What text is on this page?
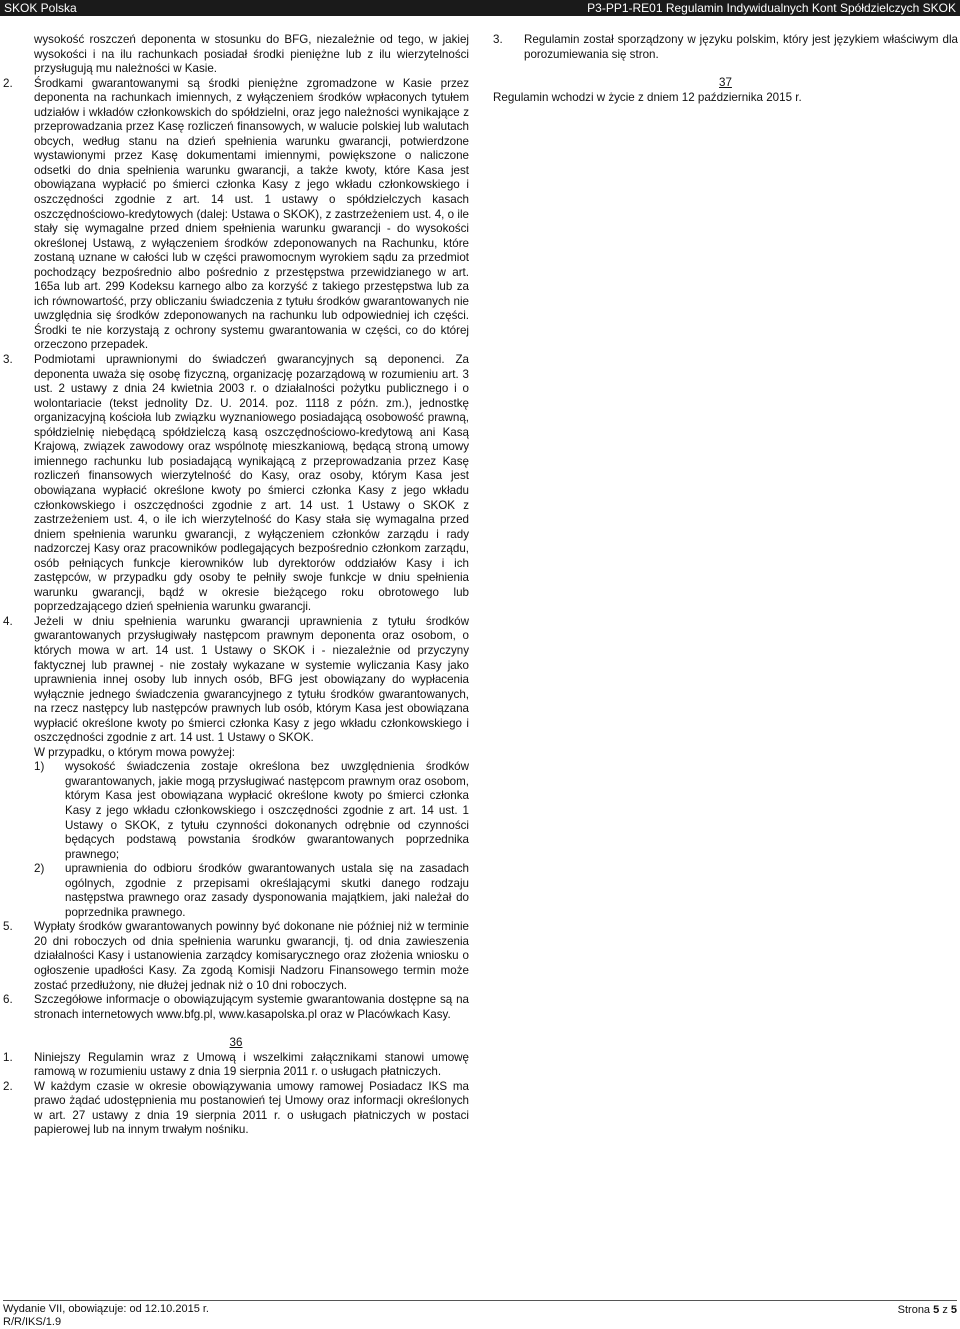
SKOK Polska	P3-PP1-RE01 Regulamin Indywidualnych Kont Spółdzielczych SKOK

wysokość roszczeń deponenta w stosunku do BFG, niezależnie od tego, w jakiej wysokości i na ilu rachunkach posiadał środki pieniężne lub z ilu wierzytelności przysługują mu należności w Kasie.

2.	Środkami gwarantowanymi są środki pieniężne zgromadzone w Kasie przez deponenta na rachunkach imiennych, z wyłączeniem środków wpłaconych tytułem udziałów i wkładów członkowskich do spółdzielni, oraz jego należności wynikające z przeprowadzania przez Kasę rozliczeń finansowych, w walucie polskiej lub walutach obcych, według stanu na dzień spełnienia warunku gwarancji, potwierdzone wystawionymi przez Kasę dokumentami imiennymi, powiększone o naliczone odsetki do dnia spełnienia warunku gwarancji, a także kwoty, które Kasa jest obowiązana wypłacić po śmierci członka Kasy z jego wkładu członkowskiego i oszczędności zgodnie z art. 14 ust. 1 ustawy o spółdzielczych kasach oszczędnościowo-kredytowych (dalej: Ustawa o SKOK), z zastrzeżeniem ust. 4, o ile stały się wymagalne przed dniem spełnienia warunku gwarancji - do wysokości określonej Ustawą, z wyłączeniem środków zdeponowanych na Rachunku, które zostaną uznane w całości lub w części prawomocnym wyrokiem sądu za przedmiot pochodzący bezpośrednio albo pośrednio z przestępstwa przewidzianego w art. 165a lub art. 299 Kodeksu karnego albo za korzyść z takiego przestępstwa lub za ich równowartość, przy obliczaniu świadczenia z tytułu środków gwarantowanych nie uwzględnia się środków zdeponowanych na rachunku lub odpowiedniej ich części. Środki te nie korzystają z ochrony systemu gwarantowania w części, co do której orzeczono przepadek.
3.	Podmiotami uprawnionymi do świadczeń gwarancyjnych są deponenci. Za deponenta uważa się osobę fizyczną, organizację pozarządową w rozumieniu art. 3 ust. 2 ustawy z dnia 24 kwietnia 2003 r. o działalności pożytku publicznego i o wolontariacie (tekst jednolity Dz. U. 2014. poz. 1118 z późn. zm.), jednostkę organizacyjną kościoła lub związku wyznaniowego posiadającą osobowość prawną, spółdzielnię niebędącą spółdzielczą kasą oszczędnościowo-kredytową ani Kasą Krajową, związek zawodowy oraz wspólnotę mieszkaniową, będącą stroną umowy imiennego rachunku lub posiadającą wynikającą z przeprowadzania przez Kasę rozliczeń finansowych wierzytelność do Kasy, oraz osoby, którym Kasa jest obowiązana wypłacić określone kwoty po śmierci członka Kasy z jego wkładu członkowskiego i oszczędności zgodnie z art. 14 ust. 1 Ustawy o SKOK z zastrzeżeniem ust. 4, o ile ich wierzytelność do Kasy stała się wymagalna przed dniem spełnienia warunku gwarancji, z wyłączeniem członków zarządu i rady nadzorczej Kasy oraz pracowników podlegających bezpośrednio członkom zarządu, osób pełniących funkcje kierowników lub dyrektorów oddziałów Kasy i ich zastępców, w przypadku gdy osoby te pełniły swoje funkcje w dniu spełnienia warunku gwarancji, bądź w okresie bieżącego roku obrotowego lub poprzedzającego dzień spełnienia warunku gwarancji.
4.	Jeżeli w dniu spełnienia warunku gwarancji uprawnienia z tytułu środków gwarantowanych przysługiwały następcom prawnym deponenta oraz osobom, o których mowa w art. 14 ust. 1 Ustawy o SKOK i - niezależnie od przyczyny faktycznej lub prawnej - nie zostały wykazane w systemie wyliczania Kasy jako uprawnienia innej osoby lub innych osób, BFG jest obowiązany do wypłacenia wyłącznie jednego świadczenia gwarancyjnego z tytułu środków gwarantowanych, na rzecz następcy lub następców prawnych lub osób, którym Kasa jest obowiązana wypłacić określone kwoty po śmierci członka Kasy z jego wkładu członkowskiego i oszczędności zgodnie z art. 14 ust. 1 Ustawy o SKOK.

W przypadku, o którym mowa powyżej:

1)	wysokość świadczenia zostaje określona bez uwzględnienia środków gwarantowanych, jakie mogą przysługiwać następcom prawnym oraz osobom, którym Kasa jest obowiązana wypłacić określone kwoty po śmierci członka Kasy z jego wkładu członkowskiego i oszczędności zgodnie z art. 14 ust. 1 Ustawy o SKOK, z tytułu czynności dokonanych odrębnie od czynności będących podstawą powstania środków gwarantowanych poprzednika prawnego;
2)	uprawnienia do odbioru środków gwarantowanych ustala się na zasadach ogólnych, zgodnie z przepisami określającymi skutki danego rodzaju następstwa prawnego oraz zasady dysponowania majątkiem, jaki należał do poprzednika prawnego.
5.	Wypłaty środków gwarantowanych powinny być dokonane nie później niż w terminie 20 dni roboczych od dnia spełnienia warunku gwarancji, tj. od dnia zawieszenia działalności Kasy i ustanowienia zarządcy komisarycznego oraz złożenia wniosku o ogłoszenie upadłości Kasy. Za zgodą Komisji Nadzoru Finansowego termin może zostać przedłużony, nie dłużej jednak niż o 10 dni roboczych.
6.	Szczegółowe informacje o obowiązującym systemie gwarantowania dostępne są na stronach internetowych www.bfg.pl, www.kasapolska.pl oraz w Placówkach Kasy.

36

1.	Niniejszy Regulamin wraz z Umową i wszelkimi załącznikami stanowi umowę ramową w rozumieniu ustawy z dnia 19 sierpnia 2011 r. o usługach płatniczych.
2.	W każdym czasie w okresie obowiązywania umowy ramowej Posiadacz IKS ma prawo żądać udostępnienia mu postanowień tej Umowy oraz informacji określonych w art. 27 ustawy z dnia 19 sierpnia 2011 r. o usługach płatniczych w postaci papierowej lub na innym trwałym nośniku.
3.	Regulamin został sporządzony w języku polskim, który jest językiem właściwym dla porozumiewania się stron.

37

Regulamin wchodzi w życie z dniem 12 października 2015 r.

Wydanie VII, obowiązuje: od 12.10.2015 r.
R/R/IKS/1.9
Strona 5 z 5
